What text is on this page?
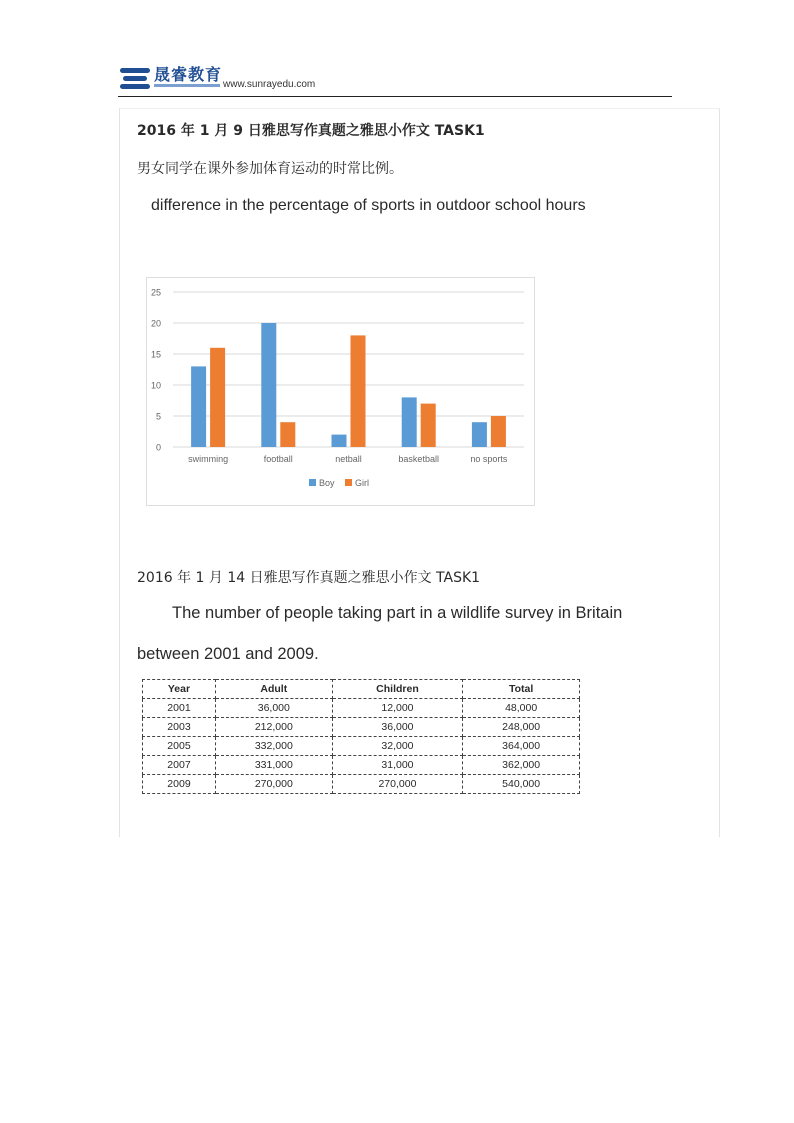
晟睿教育
www.sunrayedu.com
2016 年 1 月 9 日雅思写作真题之雅思小作文 TASK1
男女同学在课外参加体育运动的时常比例。
difference in the percentage of sports in outdoor school hours
0
5
10
15
20
25
swimming	football	netball	basketball	no sports
Boy Girl
2016 年 1 月 14 日雅思写作真题之雅思小作文 TASK1
The number of people taking part in a wildlife survey in Britain
between 2001 and 2009.
Year	Adult	Children	Total
2001	36,000	12,000	48,000
2003	212,000	36,000	248,000
2005	332,000	32,000	364,000
2007	331,000	31,000	362,000
2009	270,000	270,000	540,000
